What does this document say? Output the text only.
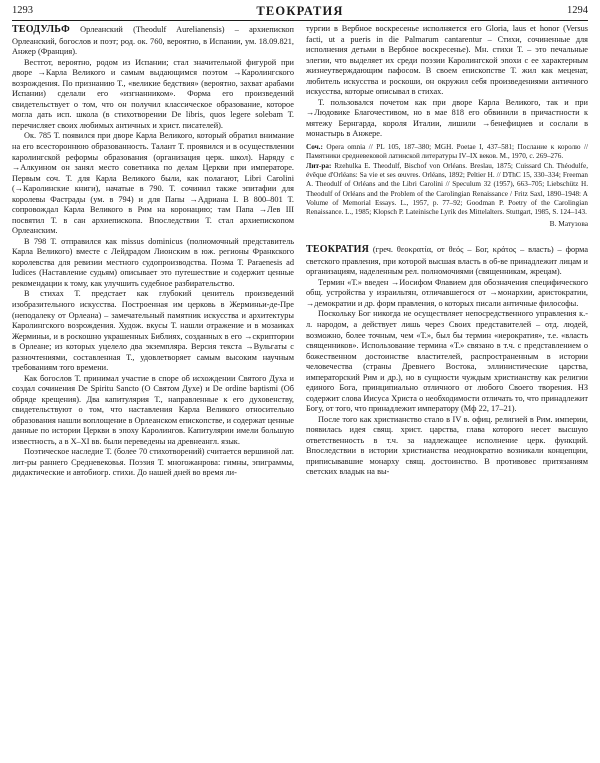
1293	ТЕОКРАТИЯ	1294

ТЕОДУЛЬФ Орлеанский (Theodulf Aurelianensis) – архиепископ Орлеанский, богослов и поэт; род. ок. 760, вероятно, в Испании, ум. 18.09.821, Анжер (Франция).

Вестгот, вероятно, родом из Испании; стал значительной фигурой при дворе →Карла Великого и самым выдающимся поэтом →Каролингского возрождения. По признанию Т., «великие бедствия» (вероятно, захват арабами Испании) сделали его «изгнанником». Форма его произведений свидетельствует о том, что он получил классическое образование, которое могла дать исп. школа (в стихотворении De libris, quos legere solebam Т. перечисляет своих любимых античных и христ. писателей).

Ок. 785 Т. появился при дворе Карла Великого, который обратил внимание на его всестороннюю образованность. Талант Т. проявился и в осуществлении каролингской реформы образования (организация церк. школ). Наряду с →Алкуином он занял место советника по делам Церкви при императоре. Первым соч. Т. для Карла Великого были, как полагают, Libri Carolini (→Каролинские книги), начатые в 790. Т. сочинил также эпитафии для королевы Фастрады (ум. в 794) и для Папы →Адриана I. В 800–801 Т. сопровождал Карла Великого в Рим на коронацию; там Папа →Лев III посвятил Т. в сан архиепископа. Впоследствии Т. стал архиепископом Орлеанским.

В 798 Т. отправился как missus dominicus (полномочный представитель Карла Великого) вместе с Лейдрадом Лионским в юж. регионы Франкского королевства для ревизии местного судопроизводства. Поэма Т. Paraenesis ad Iudices (Наставление судьям) описывает это путешествие и содержит ценные рекомендации к тому, как улучшить судебное разбирательство.

В стихах Т. предстает как глубокий ценитель произведений изобразительного искусства. Построенная им церковь в Жерминьи-де-Пре (неподалеку от Орлеана) – замечательный памятник искусства и архитектуры Каролингского возрождения. Худож. вкусы Т. нашли отражение и в мозаиках Жерминьи, и в роскошно украшенных Библиях, созданных в его →скриптории в Орлеане; из которых уцелело два экземпляра. Версия текста →Вульгаты с разночтениями, составленная Т., удовлетворяет самым высоким научным требованиям того времени.

Как богослов Т. принимал участие в споре об исхождении Святого Духа и создал сочинения De Spiritu Sancto (О Святом Духе) и De ordine baptismi (Об обряде крещения). Два капитулярия Т., направленные к его духовенству, свидетельствуют о том, что наставления Карла Великого относительно образования нашли воплощение в Орлеанском епископстве, и содержат ценные данные по истории Церкви в эпоху Каролингов. Капитулярии имели большую известность, а в X–XI вв. были переведены на древнеангл. язык.

Поэтическое наследие Т. (более 70 стихотворений) считается вершиной лат. лит-ры раннего Средневековья. Поэзия Т. многожанрова: гимны, эпиграммы, дидактические и автобиогр. стихи. До нашей дней во время ли-

тургии в Вербное воскресенье исполняется его Gloria, laus et honor (Versus facti, ut a pueris in die Palmarum cantarentur – Стихи, сочиненные для исполнения детьми в Вербное воскресенье). Мн. стихи Т. – это печальные элегии, что выделяет их среди поэзии Каролингской эпохи с ее характерным жизнеутверждающим пафосом. В своем епископстве Т. жил как меценат, любитель искусства и роскоши, он окружил себя произведениями античного искусства, которые описывал в стихах.

Т. пользовался почетом как при дворе Карла Великого, так и при →Людовике Благочестивом, но в мае 818 его обвинили в причастности к мятежу Бернгарда, короля Италии, лишили →бенефициев и сослали в монастырь в Анжере.

Соч.: Opera omnia // PL 105, 187–380; MGH. Poetae I, 437–581; Послание к королю // Памятники средневековой латинской литературы IV–IX веков. М., 1970, с. 269–276.

Лит-ра: Rzehulka E. Theodulf, Bischof von Orléans. Breslau, 1875; Cuissard Ch. Théodulfe, évêque d'Orléans: Sa vie et ses œuvres. Orléans, 1892; Peltier H. // DThC 15, 330–334; Freeman A. Theodulf of Orléans and the Libri Carolini // Speculum 32 (1957), 663–705; Liebschütz H. Theodulf of Orléans and the Problem of the Carolingian Renaissance / Fritz Saxl, 1890–1948: A Volume of Memorial Essays. L., 1957, p. 77–92; Goodman P. Poetry of the Carolingian Renaissance. L., 1985; Klopsch P. Lateinische Lyrik des Mittelalters. Stuttgart, 1985, S. 124–143.

В. Матузова

ТЕОКРАТИЯ (греч. θεοκρατία, от θεός – Бог, κράτος – власть) – форма светского правления, при которой высшая власть в об-ве принадлежит лицам и организациям, наделенным рел. полномочиями (священникам, жрецам).

Термин «Т.» введен →Иосифом Флавием для обозначения специфического общ. устройства у израильтян, отличавшегося от →монархии, аристократии, →демократии и др. форм правления, о которых писали античные философы.

Поскольку Бог никогда не осуществляет непосредственного управления к.-л. народом, а действует лишь через Своих представителей – отд. людей, возможно, более точным, чем «Т.», был бы термин «иерократия», т.е. «власть священников». Использование термина «Т.» связано в т.ч. с представлением о божественном достоинстве властителей, распространенным в истории человечества (страны Древнего Востока, эллинистические царства, императорский Рим и др.), но в сущности чуждым христианству как религии единого Бога, принципиально отличного от любого Своего творения. НЗ содержит слова Иисуса Христа о необходимости отличать то, что принадлежит Богу, от того, что принадлежит императору (Мф 22, 17–21).

После того как христианство стало в IV в. офиц. религией в Рим. империи, появилась идея свящ. христ. царства, глава которого несет высшую ответственность в т.ч. за надлежащее исполнение церк. функций. Впоследствии в истории христианства неоднократно возникали концепции, приписывавшие монарху свящ. достоинство. В противовес притязаниям светских владык на вы-
